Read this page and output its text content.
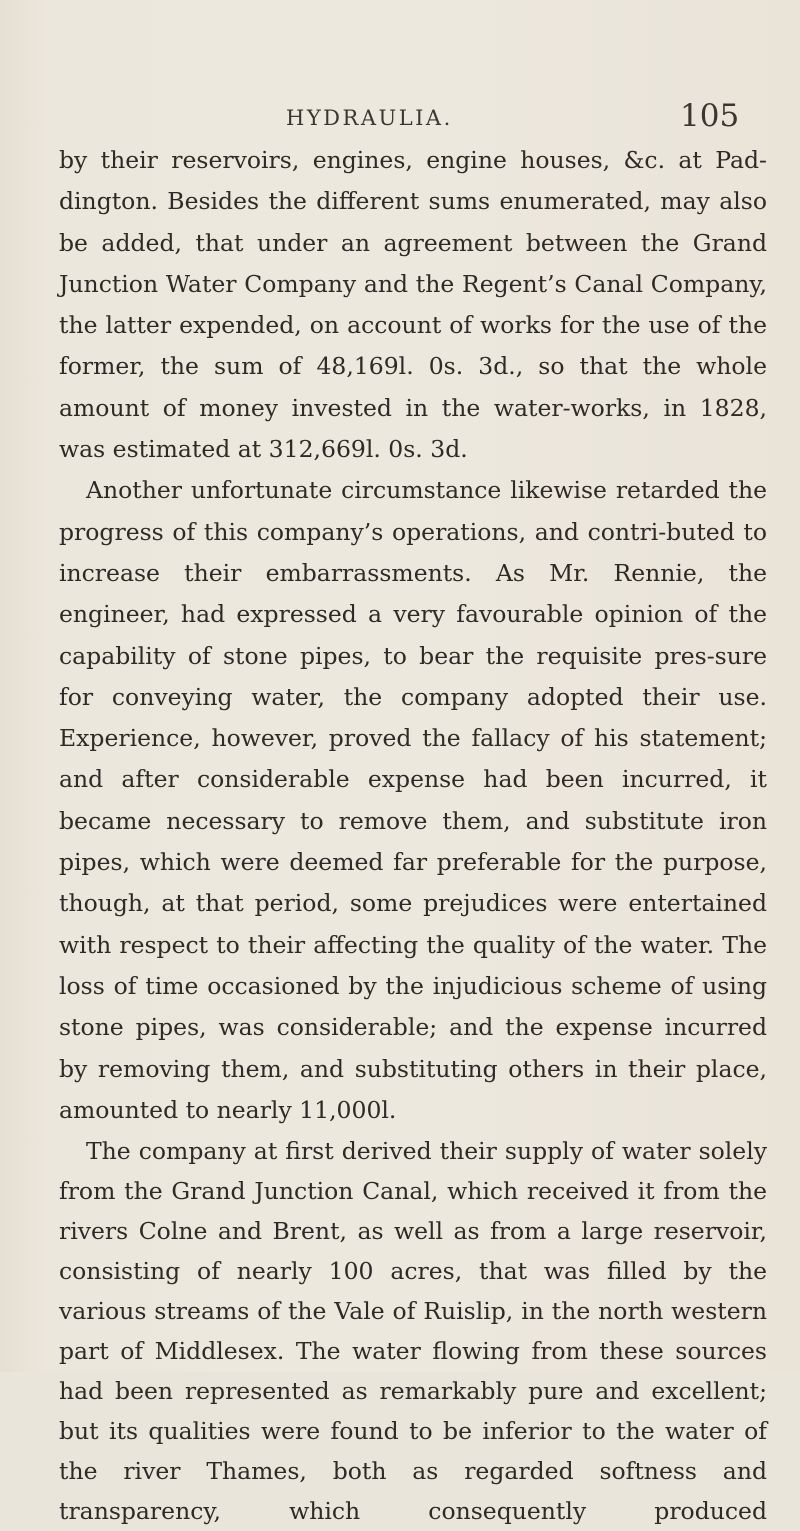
HYDRAULIA.	105

by their reservoirs, engines, engine houses, &c. at Pad-dington. Besides the different sums enumerated, may also be added, that under an agreement between the Grand Junction Water Company and the Regent’s Canal Company, the latter expended, on account of works for the use of the former, the sum of 48,169l. 0s. 3d., so that the whole amount of money invested in the water-works, in 1828, was estimated at 312,669l. 0s. 3d.

Another unfortunate circumstance likewise retarded the progress of this company’s operations, and contri-buted to increase their embarrassments. As Mr. Rennie, the engineer, had expressed a very favourable opinion of the capability of stone pipes, to bear the requisite pres-sure for conveying water, the company adopted their use. Experience, however, proved the fallacy of his statement; and after considerable expense had been incurred, it became necessary to remove them, and substitute iron pipes, which were deemed far preferable for the purpose, though, at that period, some prejudices were entertained with respect to their affecting the quality of the water. The loss of time occasioned by the injudicious scheme of using stone pipes, was considerable; and the expense incurred by removing them, and substituting others in their place, amounted to nearly 11,000l.

The company at first derived their supply of water solely from the Grand Junction Canal, which received it from the rivers Colne and Brent, as well as from a large reservoir, consisting of nearly 100 acres, that was filled by the various streams of the Vale of Ruislip, in the north western part of Middlesex. The water flowing from these sources had been represented as remarkably pure and excellent; but its qualities were found to be inferior to the water of the river Thames, both as regarded softness and transparency, which consequently produced
